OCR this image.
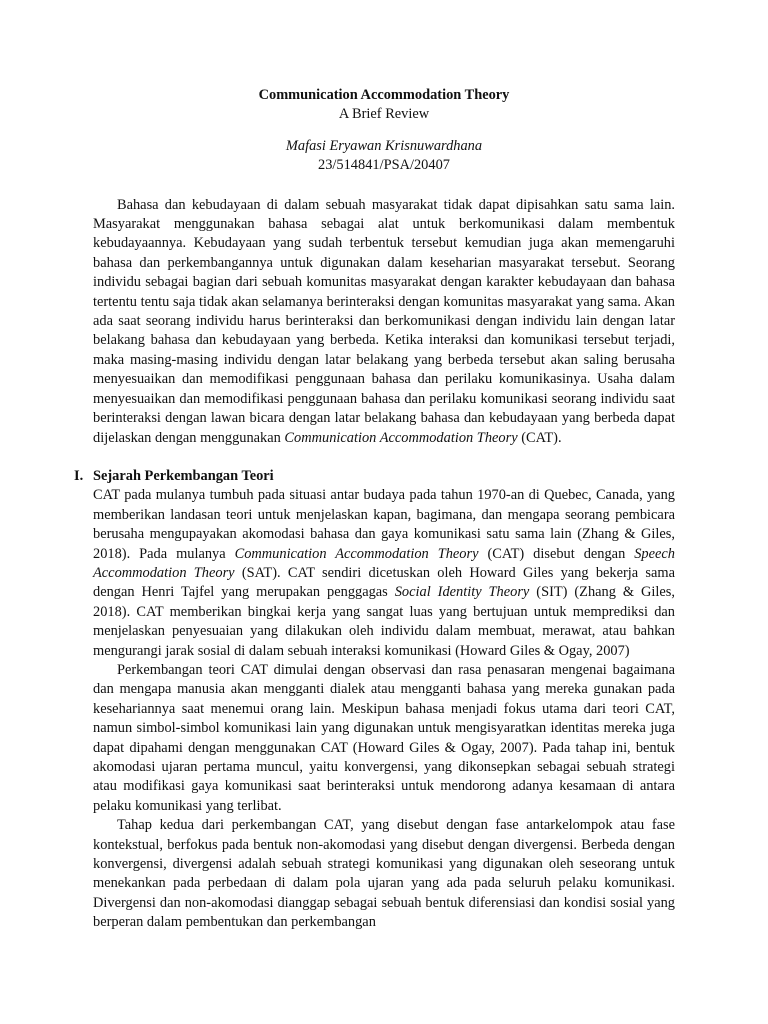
Communication Accommodation Theory
A Brief Review
Mafasi Eryawan Krisnuwardhana
23/514841/PSA/20407

Bahasa dan kebudayaan di dalam sebuah masyarakat tidak dapat dipisahkan satu sama lain. Masyarakat menggunakan bahasa sebagai alat untuk berkomunikasi dalam membentuk kebudayaannya. Kebudayaan yang sudah terbentuk tersebut kemudian juga akan memengaruhi bahasa dan perkembangannya untuk digunakan dalam keseharian masyarakat tersebut. Seorang individu sebagai bagian dari sebuah komunitas masyarakat dengan karakter kebudayaan dan bahasa tertentu tentu saja tidak akan selamanya berinteraksi dengan komunitas masyarakat yang sama. Akan ada saat seorang individu harus berinteraksi dan berkomunikasi dengan individu lain dengan latar belakang bahasa dan kebudayaan yang berbeda. Ketika interaksi dan komunikasi tersebut terjadi, maka masing-masing individu dengan latar belakang yang berbeda tersebut akan saling berusaha menyesuaikan dan memodifikasi penggunaan bahasa dan perilaku komunikasinya. Usaha dalam menyesuaikan dan memodifikasi penggunaan bahasa dan perilaku komunikasi seorang individu saat berinteraksi dengan lawan bicara dengan latar belakang bahasa dan kebudayaan yang berbeda dapat dijelaskan dengan menggunakan Communication Accommodation Theory (CAT).

I. Sejarah Perkembangan Teori

CAT pada mulanya tumbuh pada situasi antar budaya pada tahun 1970-an di Quebec, Canada, yang memberikan landasan teori untuk menjelaskan kapan, bagimana, dan mengapa seorang pembicara berusaha mengupayakan akomodasi bahasa dan gaya komunikasi satu sama lain (Zhang & Giles, 2018). Pada mulanya Communication Accommodation Theory (CAT) disebut dengan Speech Accommodation Theory (SAT). CAT sendiri dicetuskan oleh Howard Giles yang bekerja sama dengan Henri Tajfel yang merupakan penggagas Social Identity Theory (SIT) (Zhang & Giles, 2018). CAT memberikan bingkai kerja yang sangat luas yang bertujuan untuk memprediksi dan menjelaskan penyesuaian yang dilakukan oleh individu dalam membuat, merawat, atau bahkan mengurangi jarak sosial di dalam sebuah interaksi komunikasi (Howard Giles & Ogay, 2007)

Perkembangan teori CAT dimulai dengan observasi dan rasa penasaran mengenai bagaimana dan mengapa manusia akan mengganti dialek atau mengganti bahasa yang mereka gunakan pada kesehariannya saat menemui orang lain. Meskipun bahasa menjadi fokus utama dari teori CAT, namun simbol-simbol komunikasi lain yang digunakan untuk mengisyaratkan identitas mereka juga dapat dipahami dengan menggunakan CAT (Howard Giles & Ogay, 2007). Pada tahap ini, bentuk akomodasi ujaran pertama muncul, yaitu konvergensi, yang dikonsepkan sebagai sebuah strategi atau modifikasi gaya komunikasi saat berinteraksi untuk mendorong adanya kesamaan di antara pelaku komunikasi yang terlibat.

Tahap kedua dari perkembangan CAT, yang disebut dengan fase antarkelompok atau fase kontekstual, berfokus pada bentuk non-akomodasi yang disebut dengan divergensi. Berbeda dengan konvergensi, divergensi adalah sebuah strategi komunikasi yang digunakan oleh seseorang untuk menekankan pada perbedaan di dalam pola ujaran yang ada pada seluruh pelaku komunikasi. Divergensi dan non-akomodasi dianggap sebagai sebuah bentuk diferensiasi dan kondisi sosial yang berperan dalam pembentukan dan perkembangan
